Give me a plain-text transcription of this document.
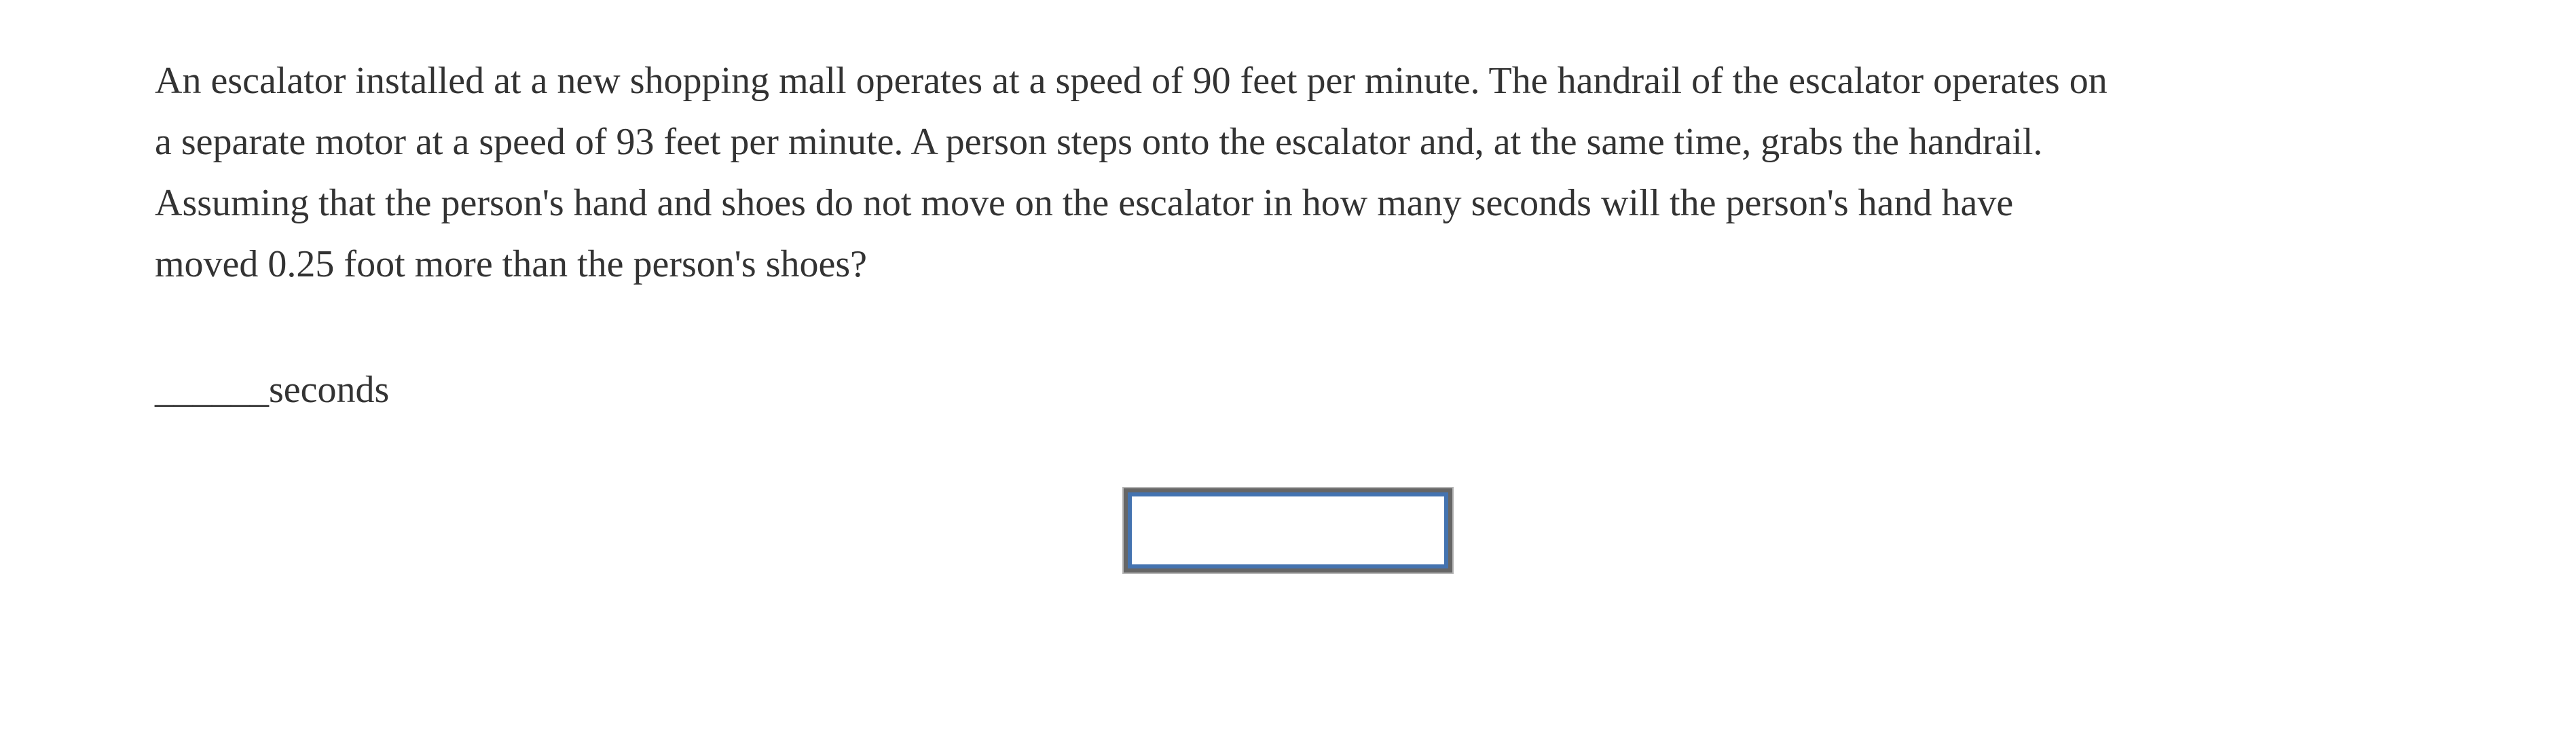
An escalator installed at a new shopping mall operates at a speed of 90 feet per minute. The handrail of the escalator operates on
a separate motor at a speed of 93 feet per minute. A person steps onto the escalator and, at the same time, grabs the handrail.
Assuming that the person's hand and shoes do not move on the escalator in how many seconds will the person's hand have
moved 0.25 foot more than the person's shoes?
______seconds
